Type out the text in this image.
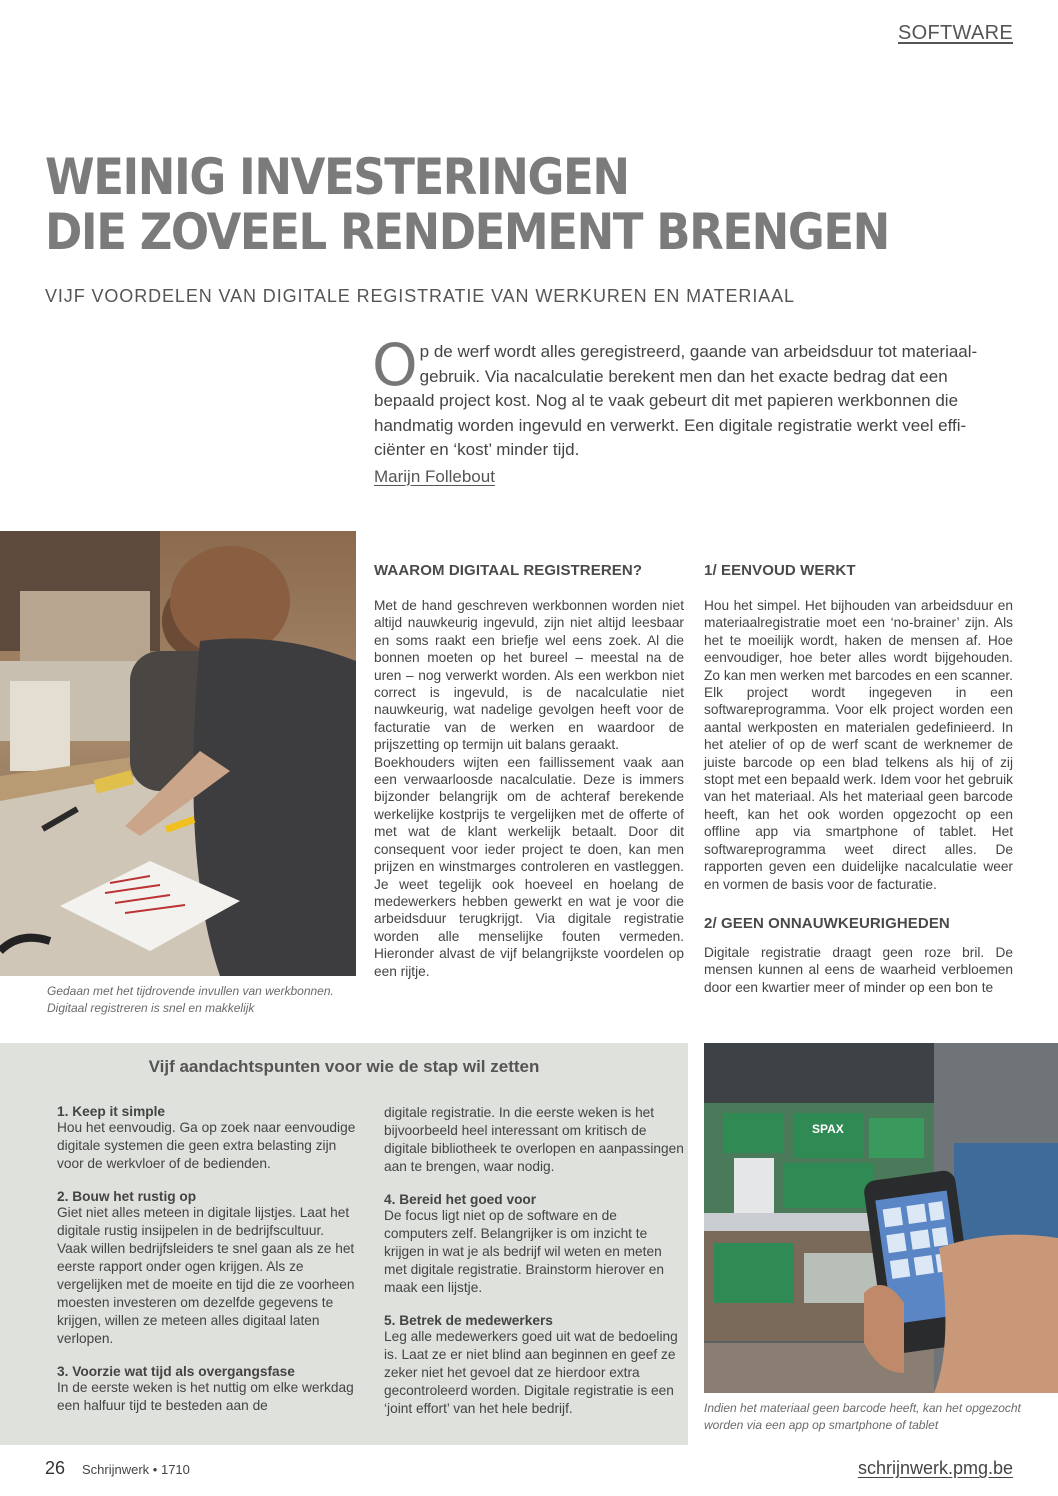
SOFTWARE
WEINIG INVESTERINGEN
DIE ZOVEEL RENDEMENT BRENGEN
VIJF VOORDELEN VAN DIGITALE REGISTRATIE VAN WERKUREN EN MATERIAAL

Op de werf wordt alles geregistreerd, gaande van arbeidsduur tot materiaal-gebruik. Via nacalculatie berekent men dan het exacte bedrag dat een bepaald project kost. Nog al te vaak gebeurt dit met papieren werkbonnen die handmatig worden ingevuld en verwerkt. Een digitale registratie werkt veel effi-ciënter en ‘kost’ minder tijd.

Marijn Follebout
Gedaan met het tijdrovende invullen van werkbonnen. Digitaal registreren is snel en makkelijk
WAAROM DIGITAAL REGISTREREN?

Met de hand geschreven werkbonnen worden niet altijd nauwkeurig ingevuld, zijn niet altijd leesbaar en soms raakt een briefje wel eens zoek. Al die bonnen moeten op het bureel – meestal na de uren – nog verwerkt worden. Als een werkbon niet correct is ingevuld, is de nacalculatie niet nauwkeurig, wat nadelige gevolgen heeft voor de facturatie van de werken en waardoor de prijszetting op termijn uit balans geraakt.

Boekhouders wijten een faillissement vaak aan een verwaarloosde nacalculatie. Deze is immers bijzonder belangrijk om de achteraf berekende werkelijke kostprijs te vergelijken met de offerte of met wat de klant werkelijk betaalt. Door dit consequent voor ieder project te doen, kan men prijzen en winstmarges controleren en vastleggen. Je weet tegelijk ook hoeveel en hoelang de medewerkers hebben gewerkt en wat je voor die arbeidsduur terugkrijgt. Via digitale registratie worden alle menselijke fouten vermeden. Hieronder alvast de vijf belangrijkste voordelen op een rijtje.

1/ EENVOUD WERKT

Hou het simpel. Het bijhouden van arbeidsduur en materiaalregistratie moet een ‘no-brainer’ zijn. Als het te moeilijk wordt, haken de mensen af. Hoe eenvoudiger, hoe beter alles wordt bijgehouden. Zo kan men werken met barcodes en een scanner. Elk project wordt ingegeven in een softwareprogramma. Voor elk project worden een aantal werkposten en materialen gedefinieerd. In het atelier of op de werf scant de werknemer de juiste barcode op een blad telkens als hij of zij stopt met een bepaald werk. Idem voor het gebruik van het materiaal. Als het materiaal geen barcode heeft, kan het ook worden opgezocht op een offline app via smartphone of tablet. Het softwareprogramma weet direct alles. De rapporten geven een duidelijke nacalculatie weer en vormen de basis voor de facturatie.

2/ GEEN ONNAUWKEURIGHEDEN

Digitale registratie draagt geen roze bril. De mensen kunnen al eens de waarheid verbloemen door een kwartier meer of minder op een bon te

Vijf aandachtspunten voor wie de stap wil zetten

1. Keep it simple

Hou het eenvoudig. Ga op zoek naar eenvoudige digitale systemen die geen extra belasting zijn voor de werkvloer of de bedienden.

2. Bouw het rustig op

Giet niet alles meteen in digitale lijstjes. Laat het digitale rustig insijpelen in de bedrijfscultuur. Vaak willen bedrijfsleiders te snel gaan als ze het eerste rapport onder ogen krijgen. Als ze vergelijken met de moeite en tijd die ze voorheen moesten investeren om dezelfde gegevens te krijgen, willen ze meteen alles digitaal laten verlopen.

3. Voorzie wat tijd als overgangsfase

In de eerste weken is het nuttig om elke werkdag een halfuur tijd te besteden aan de

digitale registratie. In die eerste weken is het bijvoorbeeld heel interessant om kritisch de digitale bibliotheek te overlopen en aanpassingen aan te brengen, waar nodig.

4. Bereid het goed voor

De focus ligt niet op de software en de computers zelf. Belangrijker is om inzicht te krijgen in wat je als bedrijf wil weten en meten met digitale registratie. Brainstorm hierover en maak een lijstje.

5. Betrek de medewerkers

Leg alle medewerkers goed uit wat de bedoeling is. Laat ze er niet blind aan beginnen en geef ze zeker niet het gevoel dat ze hierdoor extra gecontroleerd worden. Digitale registratie is een ‘joint effort’ van het hele bedrijf.

SPAX
Indien het materiaal geen barcode heeft, kan het opgezocht worden via een app op smartphone of tablet
26 Schrijnwerk • 1710	schrijnwerk.pmg.be
